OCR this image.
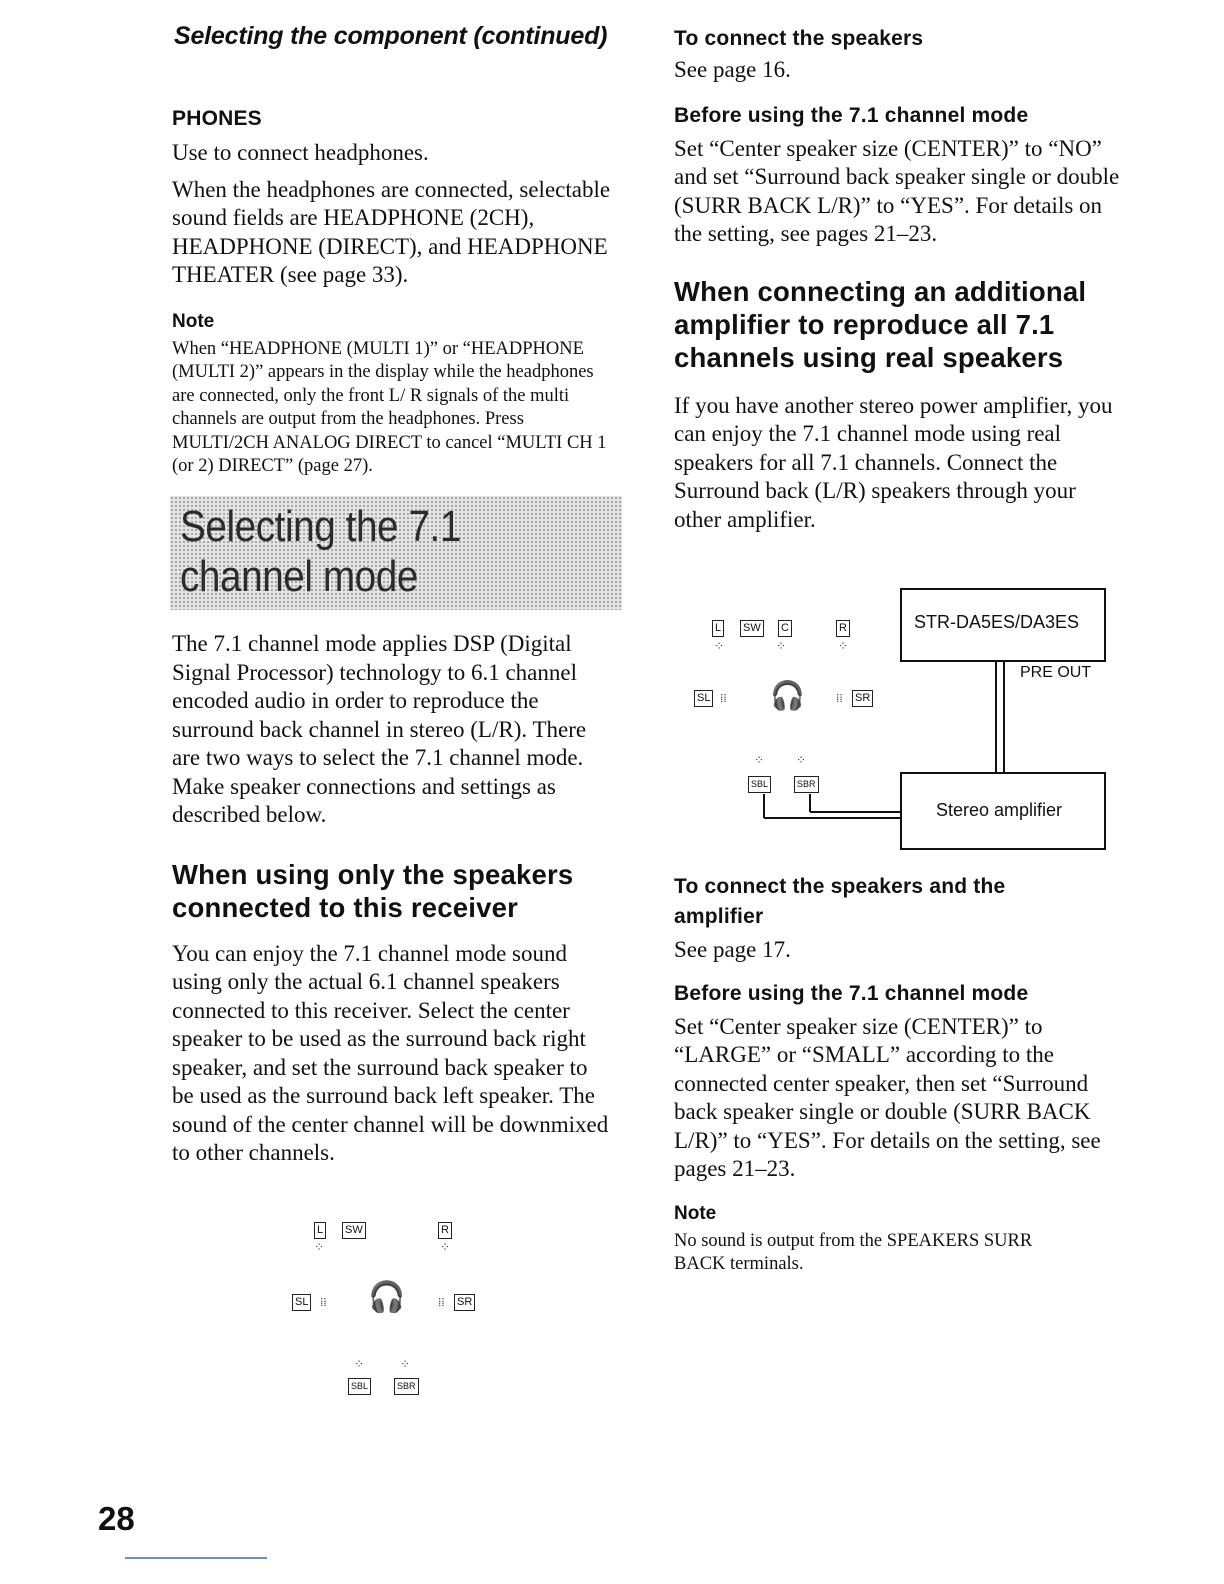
Selecting the component (continued)

PHONES

Use to connect headphones.

When the headphones are connected, selectable sound fields are HEADPHONE (2CH), HEADPHONE (DIRECT), and HEADPHONE THEATER (see page 33).

Note

When “HEADPHONE (MULTI 1)” or “HEADPHONE (MULTI 2)” appears in the display while the headphones are connected, only the front L/ R signals of the multi channels are output from the headphones. Press MULTI/2CH ANALOG DIRECT to cancel “MULTI CH 1 (or 2) DIRECT” (page 27).

Selecting the 7.1 channel mode

The 7.1 channel mode applies DSP (Digital Signal Processor) technology to 6.1 channel encoded audio in order to reproduce the surround back channel in stereo (L/R). There are two ways to select the 7.1 channel mode. Make speaker connections and settings as described below.

When using only the speakers connected to this receiver

You can enjoy the 7.1 channel mode sound using only the actual 6.1 channel speakers connected to this receiver. Select the center speaker to be used as the surround back right speaker, and set the surround back speaker to be used as the surround back left speaker. The sound of the center channel will be downmixed to other channels.

L SW	R
⁘	⁘
SL ⁞⁞ 🎧	⁞⁞ SR
⁘	⁘
SBL	SBR

To connect the speakers

See page 16.

Before using the 7.1 channel mode

Set “Center speaker size (CENTER)” to “NO” and set “Surround back speaker single or double (SURR BACK L/R)” to “YES”. For details on the setting, see pages 21–23.

When connecting an additional amplifier to reproduce all 7.1 channels using real speakers

If you have another stereo power amplifier, you can enjoy the 7.1 channel mode using real speakers for all 7.1 channels. Connect the Surround back (L/R) speakers through your other amplifier.

L SW C	R
⁘	⁘	⁘
SL ⁞⁞ 🎧	⁞⁞ SR
⁘	⁘
SBL	SBR
STR-DA5ES/DA3ES
PRE OUT
Stereo amplifier

To connect the speakers and the amplifier

See page 17.

Before using the 7.1 channel mode

Set “Center speaker size (CENTER)” to “LARGE” or “SMALL” according to the connected center speaker, then set “Surround back speaker single or double (SURR BACK L/R)” to “YES”. For details on the setting, see pages 21–23.

Note

No sound is output from the SPEAKERS SURR BACK terminals.

28
